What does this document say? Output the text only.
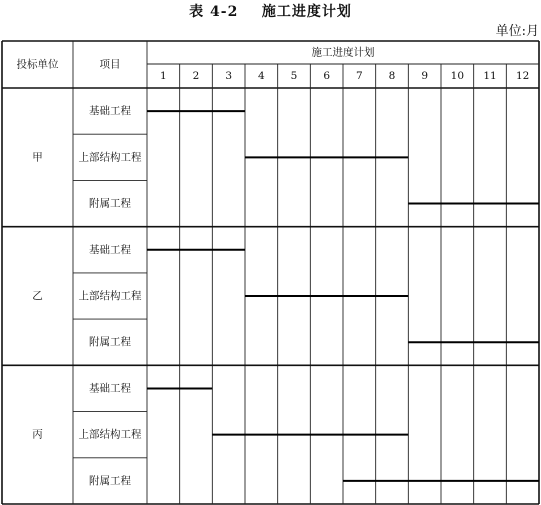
表 4-2    施工进度计划
单位:月
投标单位	项目
施工进度计划
1 2 3 4 5 6 7 8 9 10 11 12
甲
基础工程
上部结构工程
附属工程
乙
基础工程
上部结构工程
附属工程
丙
基础工程
上部结构工程
附属工程
